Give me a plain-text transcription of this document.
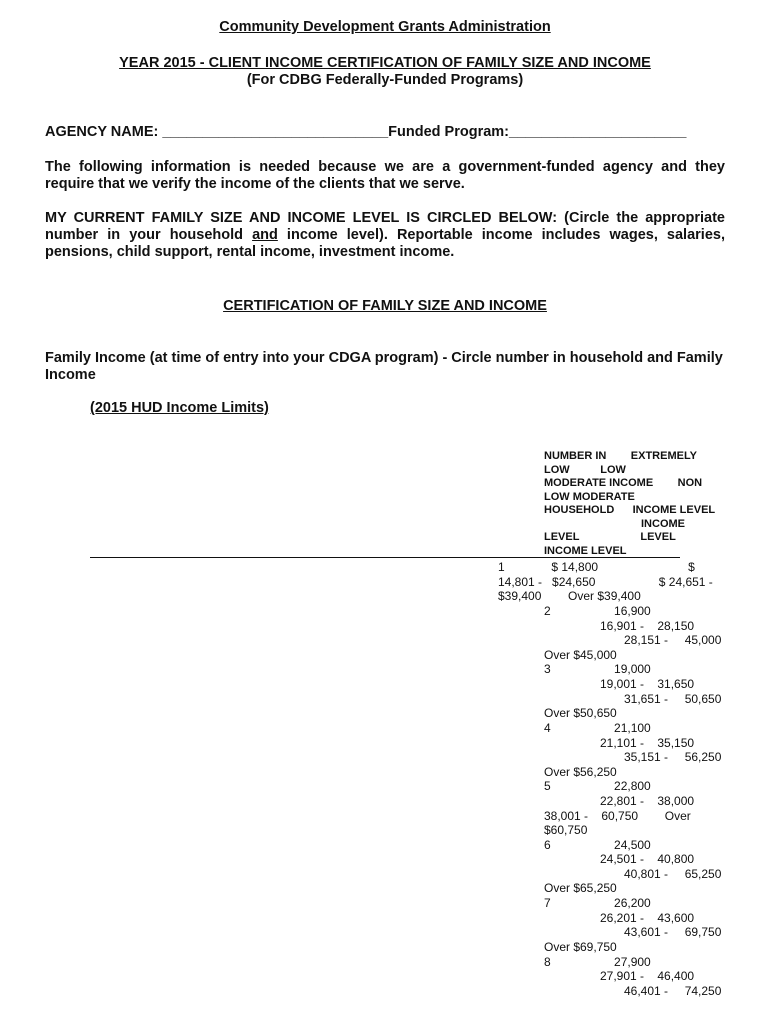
Community Development Grants Administration
YEAR 2015 - CLIENT INCOME CERTIFICATION OF FAMILY SIZE AND INCOME
(For CDBG Federally-Funded Programs)
AGENCY NAME: ____________________________Funded Program:______________________
The following information is needed because we are a government-funded agency and they require that we verify the income of the clients that we serve.
MY CURRENT FAMILY SIZE AND INCOME LEVEL IS CIRCLED BELOW: (Circle the appropriate number in your household and income level). Reportable income includes wages, salaries, pensions, child support, rental income, investment income.
CERTIFICATION OF FAMILY SIZE AND INCOME
Family Income (at time of entry into your CDGA program) - Circle number in household and Family Income
(2015 HUD Income Limits)
NUMBER IN        EXTREMELY
LOW          LOW
MODERATE INCOME        NON
LOW MODERATE
HOUSEHOLD      INCOME LEVEL
INCOME
LEVEL                    LEVEL
INCOME LEVEL
1              $ 14,800                           $
14,801 -   $24,650                   $ 24,651 -
$39,400        Over $39,400
2                   16,900
16,901 -    28,150
28,151 -     45,000
Over $45,000
3                   19,000
19,001 -    31,650
31,651 -     50,650
Over $50,650
4                   21,100
21,101 -    35,150
35,151 -     56,250
Over $56,250
5                   22,800
22,801 -    38,000
38,001 -    60,750        Over
$60,750
6                   24,500
24,501 -    40,800
40,801 -     65,250
Over $65,250
7                   26,200
26,201 -    43,600
43,601 -     69,750
Over $69,750
8                   27,900
27,901 -    46,400
46,401 -     74,250
